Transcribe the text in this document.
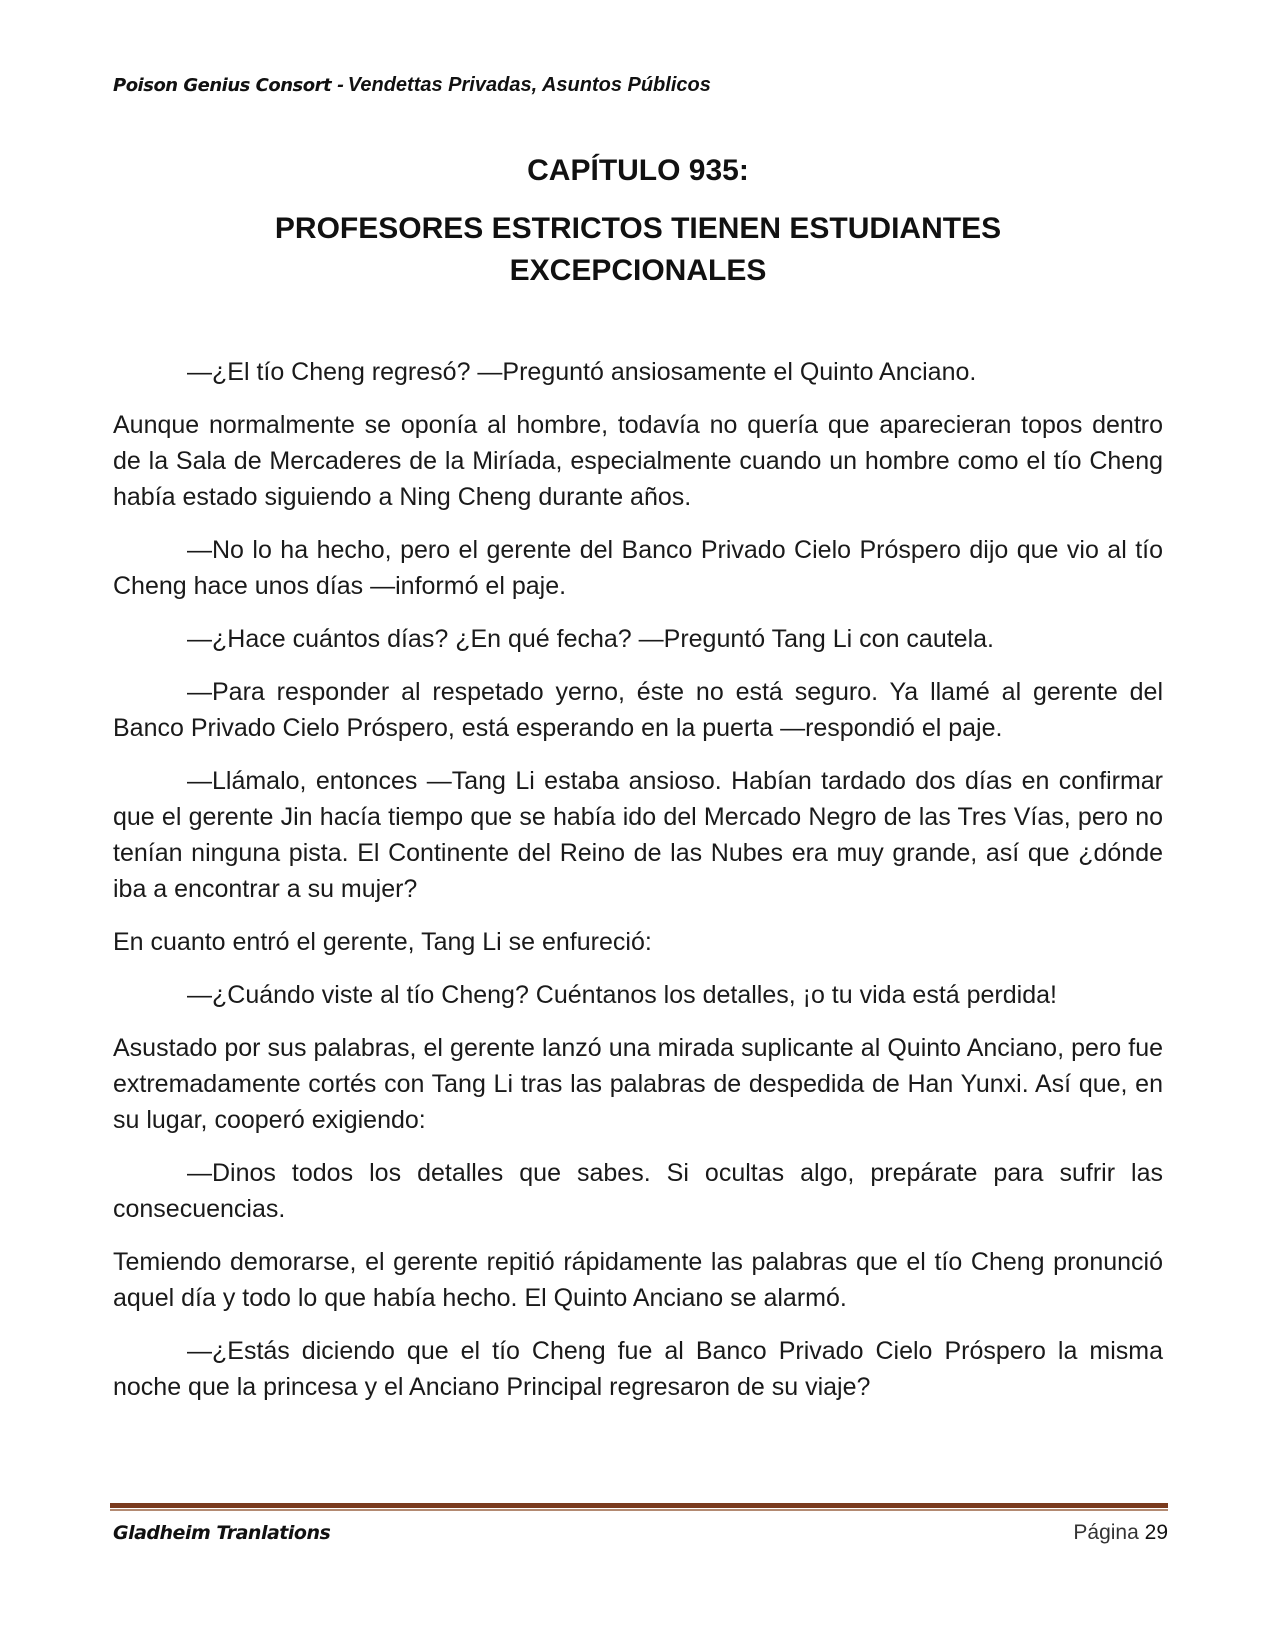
Poison Genius Consort - Vendettas Privadas, Asuntos Públicos
CAPÍTULO 935:
PROFESORES ESTRICTOS TIENEN ESTUDIANTES
EXCEPCIONALES

—¿El tío Cheng regresó? —Preguntó ansiosamente el Quinto Anciano.

Aunque normalmente se oponía al hombre, todavía no quería que aparecieran topos dentro de la Sala de Mercaderes de la Miríada, especialmente cuando un hombre como el tío Cheng había estado siguiendo a Ning Cheng durante años.

—No lo ha hecho, pero el gerente del Banco Privado Cielo Próspero dijo que vio al tío Cheng hace unos días —informó el paje.

—¿Hace cuántos días? ¿En qué fecha? —Preguntó Tang Li con cautela.

—Para responder al respetado yerno, éste no está seguro. Ya llamé al gerente del Banco Privado Cielo Próspero, está esperando en la puerta —respondió el paje.

—Llámalo, entonces —Tang Li estaba ansioso. Habían tardado dos días en confirmar que el gerente Jin hacía tiempo que se había ido del Mercado Negro de las Tres Vías, pero no tenían ninguna pista. El Continente del Reino de las Nubes era muy grande, así que ¿dónde iba a encontrar a su mujer?

En cuanto entró el gerente, Tang Li se enfureció:

—¿Cuándo viste al tío Cheng? Cuéntanos los detalles, ¡o tu vida está perdida!

Asustado por sus palabras, el gerente lanzó una mirada suplicante al Quinto Anciano, pero fue extremadamente cortés con Tang Li tras las palabras de despedida de Han Yunxi. Así que, en su lugar, cooperó exigiendo:

—Dinos todos los detalles que sabes. Si ocultas algo, prepárate para sufrir las consecuencias.

Temiendo demorarse, el gerente repitió rápidamente las palabras que el tío Cheng pronunció aquel día y todo lo que había hecho. El Quinto Anciano se alarmó.

—¿Estás diciendo que el tío Cheng fue al Banco Privado Cielo Próspero la misma noche que la princesa y el Anciano Principal regresaron de su viaje?

Gladheim Tranlations	Página 29
